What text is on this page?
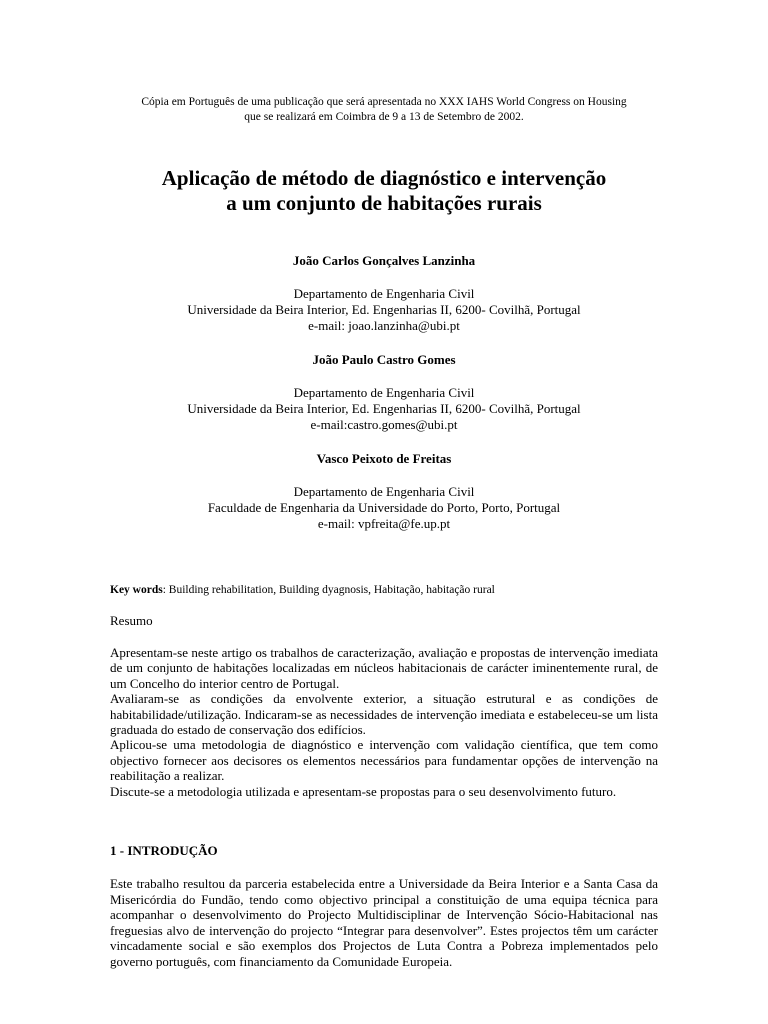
Cópia em Português de uma publicação que será apresentada no XXX IAHS World Congress on Housing
que se realizará em Coimbra de 9 a 13 de Setembro de 2002.
Aplicação de método de diagnóstico e intervenção
a um conjunto de habitações rurais
João Carlos Gonçalves Lanzinha
Departamento de Engenharia Civil
Universidade da Beira Interior, Ed. Engenharias II, 6200- Covilhã, Portugal
e-mail: joao.lanzinha@ubi.pt
João Paulo Castro Gomes
Departamento de Engenharia Civil
Universidade da Beira Interior, Ed. Engenharias II, 6200- Covilhã, Portugal
e-mail:castro.gomes@ubi.pt
Vasco Peixoto de Freitas
Departamento de Engenharia Civil
Faculdade de Engenharia da Universidade do Porto, Porto, Portugal
e-mail: vpfreita@fe.up.pt
Key words: Building rehabilitation, Building dyagnosis, Habitação, habitação rural
Resumo

Apresentam-se neste artigo os trabalhos de caracterização, avaliação e propostas de intervenção imediata de um conjunto de habitações localizadas em núcleos habitacionais de carácter iminentemente rural, de um Concelho do interior centro de Portugal.

Avaliaram-se as condições da envolvente exterior, a situação estrutural e as condições de habitabilidade/utilização. Indicaram-se as necessidades de intervenção imediata e estabeleceu-se um lista graduada do estado de conservação dos edifícios.

Aplicou-se uma metodologia de diagnóstico e intervenção com validação científica, que tem como objectivo fornecer aos decisores os elementos necessários para fundamentar opções de intervenção na reabilitação a realizar.

Discute-se a metodologia utilizada e apresentam-se propostas para o seu desenvolvimento futuro.

1 - INTRODUÇÃO

Este trabalho resultou da parceria estabelecida entre a Universidade da Beira Interior e a Santa Casa da Misericórdia do Fundão, tendo como objectivo principal a constituição de uma equipa técnica para acompanhar o desenvolvimento do Projecto Multidisciplinar de Intervenção Sócio-Habitacional nas freguesias alvo de intervenção do projecto “Integrar para desenvolver”. Estes projectos têm um carácter vincadamente social e são exemplos dos Projectos de Luta Contra a Pobreza implementados pelo governo português, com financiamento da Comunidade Europeia.
